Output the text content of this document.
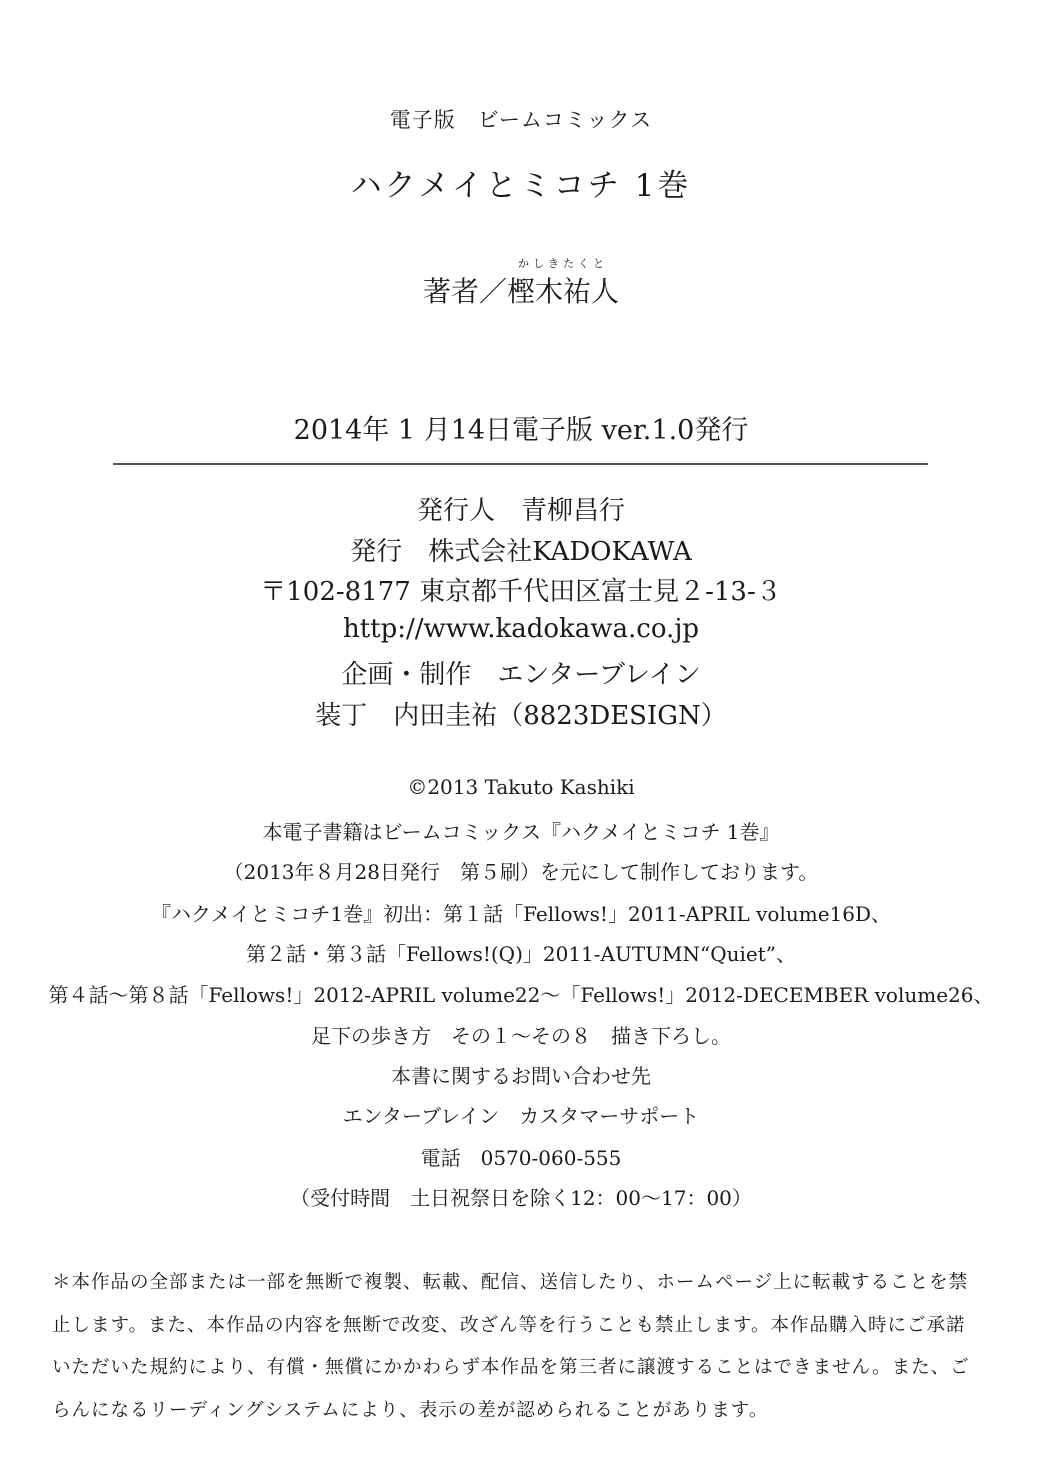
電子版　ビームコミックス
ハクメイとミコチ 1巻
著者／
かしきたくと
樫木祐人
2014年 1 月14日電子版 ver.1.0発行
発行人　青柳昌行
発行　株式会社KADOKAWA
〒102-8177 東京都千代田区富士見２-13-３
http://www.kadokawa.co.jp
企画・制作　エンターブレイン
装丁　内田圭祐（8823DESIGN）
©2013 Takuto Kashiki
本電子書籍はビームコミックス『ハクメイとミコチ 1巻』
（2013年８月28日発行　第５刷）を元にして制作しております。
『ハクメイとミコチ1巻』初出：第１話「Fellows!」2011-APRIL volume16D、
第２話・第３話「Fellows!(Q)」2011-AUTUMN“Quiet”、
第４話～第８話「Fellows!」2012-APRIL volume22～「Fellows!」2012-DECEMBER volume26、
足下の歩き方　その１～その８　描き下ろし。
本書に関するお問い合わせ先
エンターブレイン　カスタマーサポート
電話　0570-060-555
（受付時間　土日祝祭日を除く12：00～17：00）
＊本作品の全部または一部を無断で複製、転載、配信、送信したり、ホームページ上に転載することを禁
止します。また、本作品の内容を無断で改変、改ざん等を行うことも禁止します。本作品購入時にご承諾
いただいた規約により、有償・無償にかかわらず本作品を第三者に譲渡することはできません。また、ご
らんになるリーディングシステムにより、表示の差が認められることがあります。
